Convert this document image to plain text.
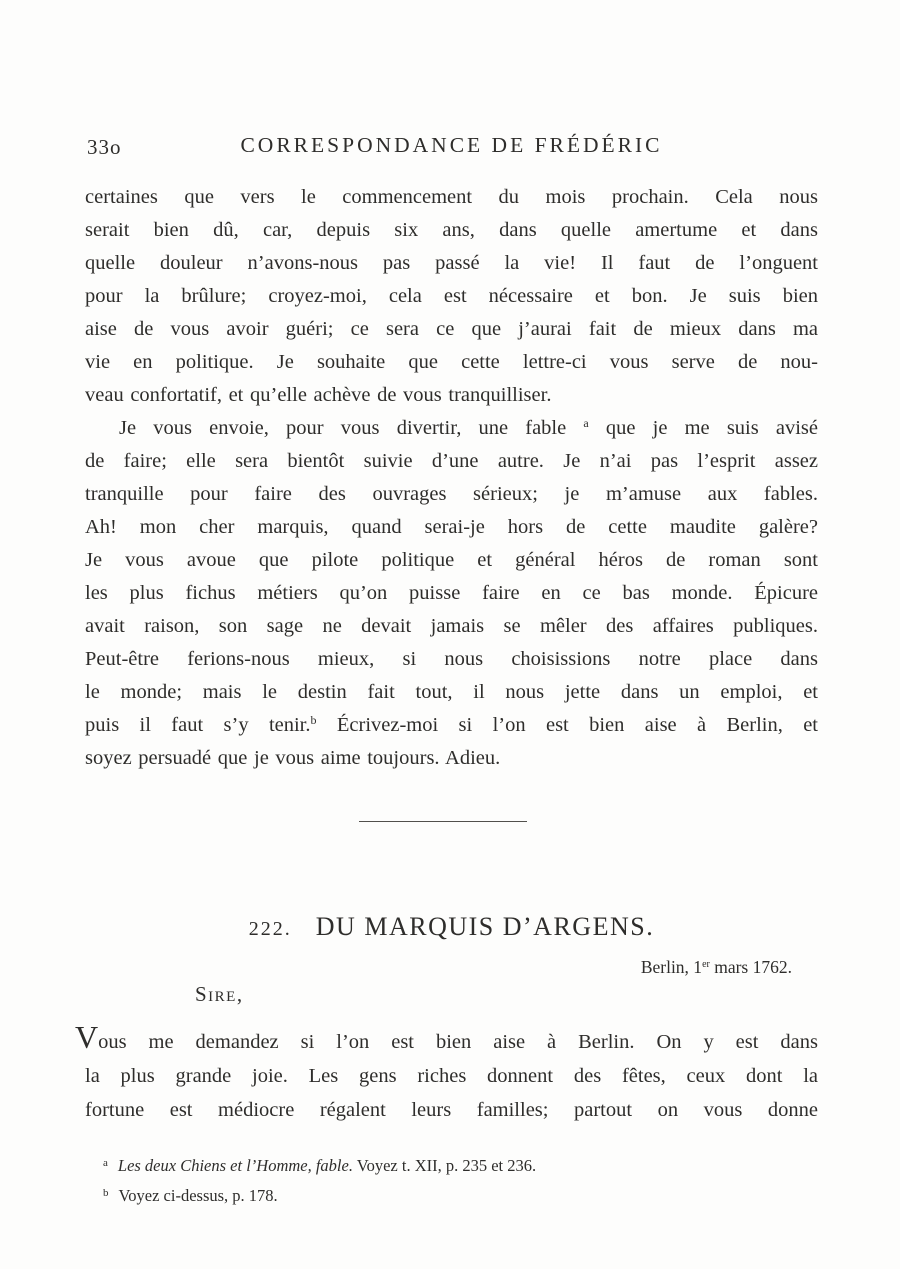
33o	CORRESPONDANCE DE FRÉDÉRIC
certaines que vers le commencement du mois prochain. Cela nous
serait bien dû, car, depuis six ans, dans quelle amertume et dans
quelle douleur n’avons-nous pas passé la vie! Il faut de l’onguent
pour la brûlure; croyez-moi, cela est nécessaire et bon. Je suis bien
aise de vous avoir guéri; ce sera ce que j’aurai fait de mieux dans ma
vie en politique. Je souhaite que cette lettre-ci vous serve de nou-
veau confortatif, et qu’elle achève de vous tranquilliser.
Je vous envoie, pour vous divertir, une fable $^a$ que je me suis avisé
de faire; elle sera bientôt suivie d’une autre. Je n’ai pas l’esprit assez
tranquille pour faire des ouvrages sérieux; je m’amuse aux fables.
Ah! mon cher marquis, quand serai-je hors de cette maudite galère?
Je vous avoue que pilote politique et général héros de roman sont
les plus fichus métiers qu’on puisse faire en ce bas monde. Épicure
avait raison, son sage ne devait jamais se mêler des affaires publiques.
Peut-être ferions-nous mieux, si nous choisissions notre place dans
le monde; mais le destin fait tout, il nous jette dans un emploi, et
puis il faut s’y tenir.$^b$ Écrivez-moi si l’on est bien aise à Berlin, et
soyez persuadé que je vous aime toujours. Adieu.
222. DU MARQUIS D’ARGENS.
Berlin, 1er mars 1762.
Sire,
Vous me demandez si l’on est bien aise à Berlin. On y est dans
la plus grande joie. Les gens riches donnent des fêtes, ceux dont la
fortune est médiocre régalent leurs familles; partout on vous donne
$^a$ Les deux Chiens et l’Homme, fable. Voyez t. XII, p. 235 et 236.
$^b$ Voyez ci-dessus, p. 178.
